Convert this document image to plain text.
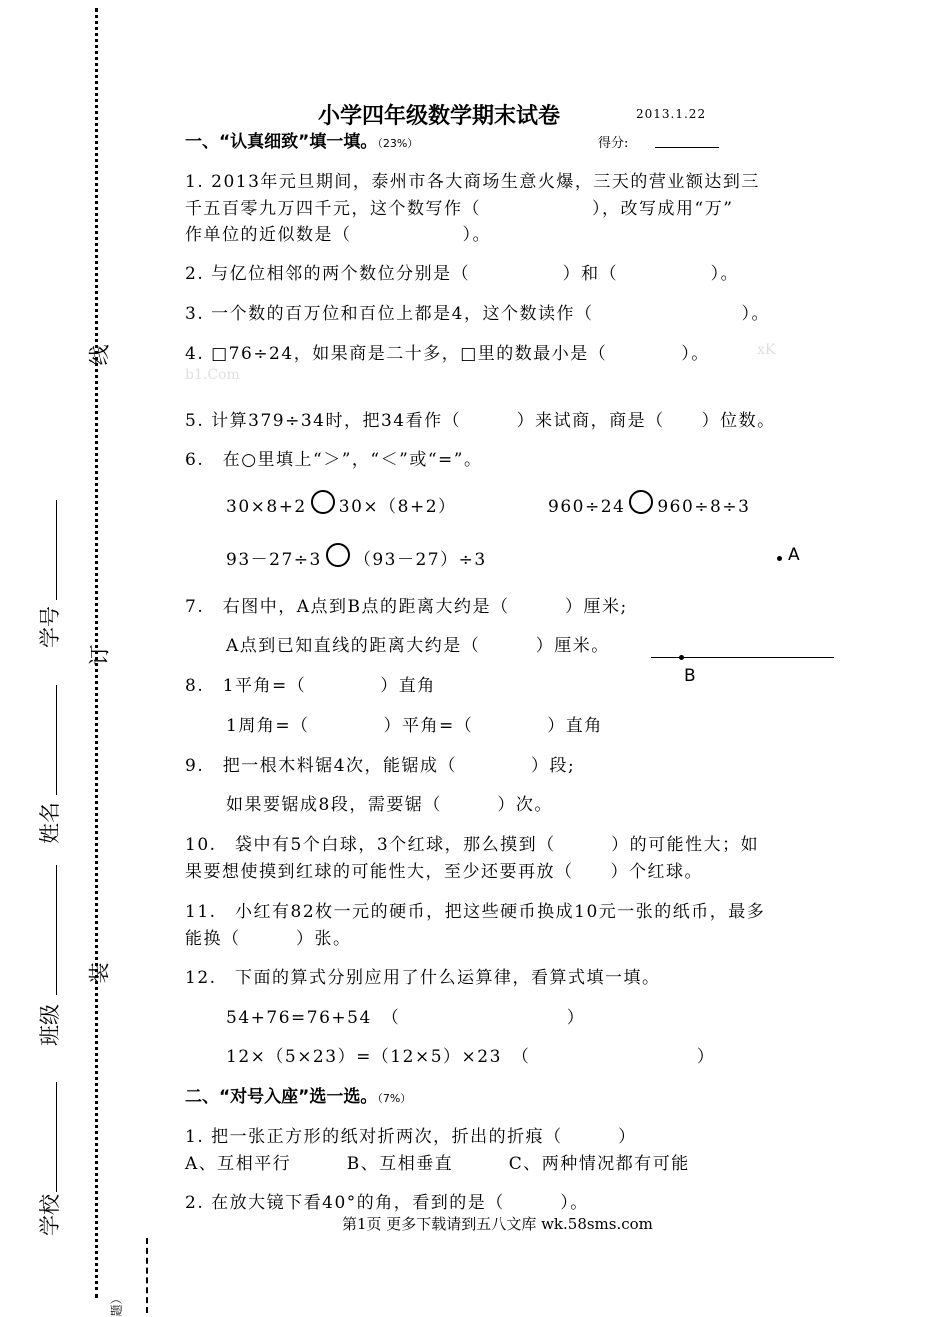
线
订
装
学号
姓名
班级
学校
题）
小学四年级数学期末试卷	2013.1.22
一、“认真细致”填一填。（23%）	得分:
1. 2013年元旦期间，泰州市各大商场生意火爆，三天的营业额达到三
千五百零九万四千元，这个数写作（　　　　　　），改写成用“万”
作单位的近似数是（　　　　　　）。
2. 与亿位相邻的两个数位分别是（　　　　　）和（　　　　　）。
3. 一个数的百万位和百位上都是4，这个数读作（　　　　　　　　）。
4. □76÷24，如果商是二十多，□里的数最小是（　　　　）。	xK
b1.Com
5. 计算379÷34时，把34看作（　　　）来试商，商是（　　）位数。
6.　在○里填上“＞”，“＜”或“=”。
30×8+2 30×（8+2）	960÷24 960÷8÷3
93－27÷3 （93－27）÷3	A
B
7.　右图中，A点到B点的距离大约是（　　　）厘米;
A点到已知直线的距离大约是（　　　）厘米。
8.　1平角=（　　　　）直角
1周角=（　　　　）平角=（　　　　）直角
9.　把一根木料锯4次，能锯成（　　　　）段;
如果要锯成8段，需要锯（　　　）次。
10.　袋中有5个白球，3个红球，那么摸到（　　　）的可能性大；如
果要想使摸到红球的可能性大，至少还要再放（　　）个红球。
11.　小红有82枚一元的硬币，把这些硬币换成10元一张的纸币，最多
能换（　　　）张。
12.　下面的算式分别应用了什么运算律，看算式填一填。
54+76=76+54　（　　　　　　　　　）
12×（5×23）=（12×5）×23　（　　　　　　　　　）
二、“对号入座”选一选。（7%）
1. 把一张正方形的纸对折两次，折出的折痕（　　　）
A、互相平行　　　B、互相垂直　　　C、两种情况都有可能
2. 在放大镜下看40°的角，看到的是（　　　）。
第1页 更多下载请到五八文库 wk.58sms.com
